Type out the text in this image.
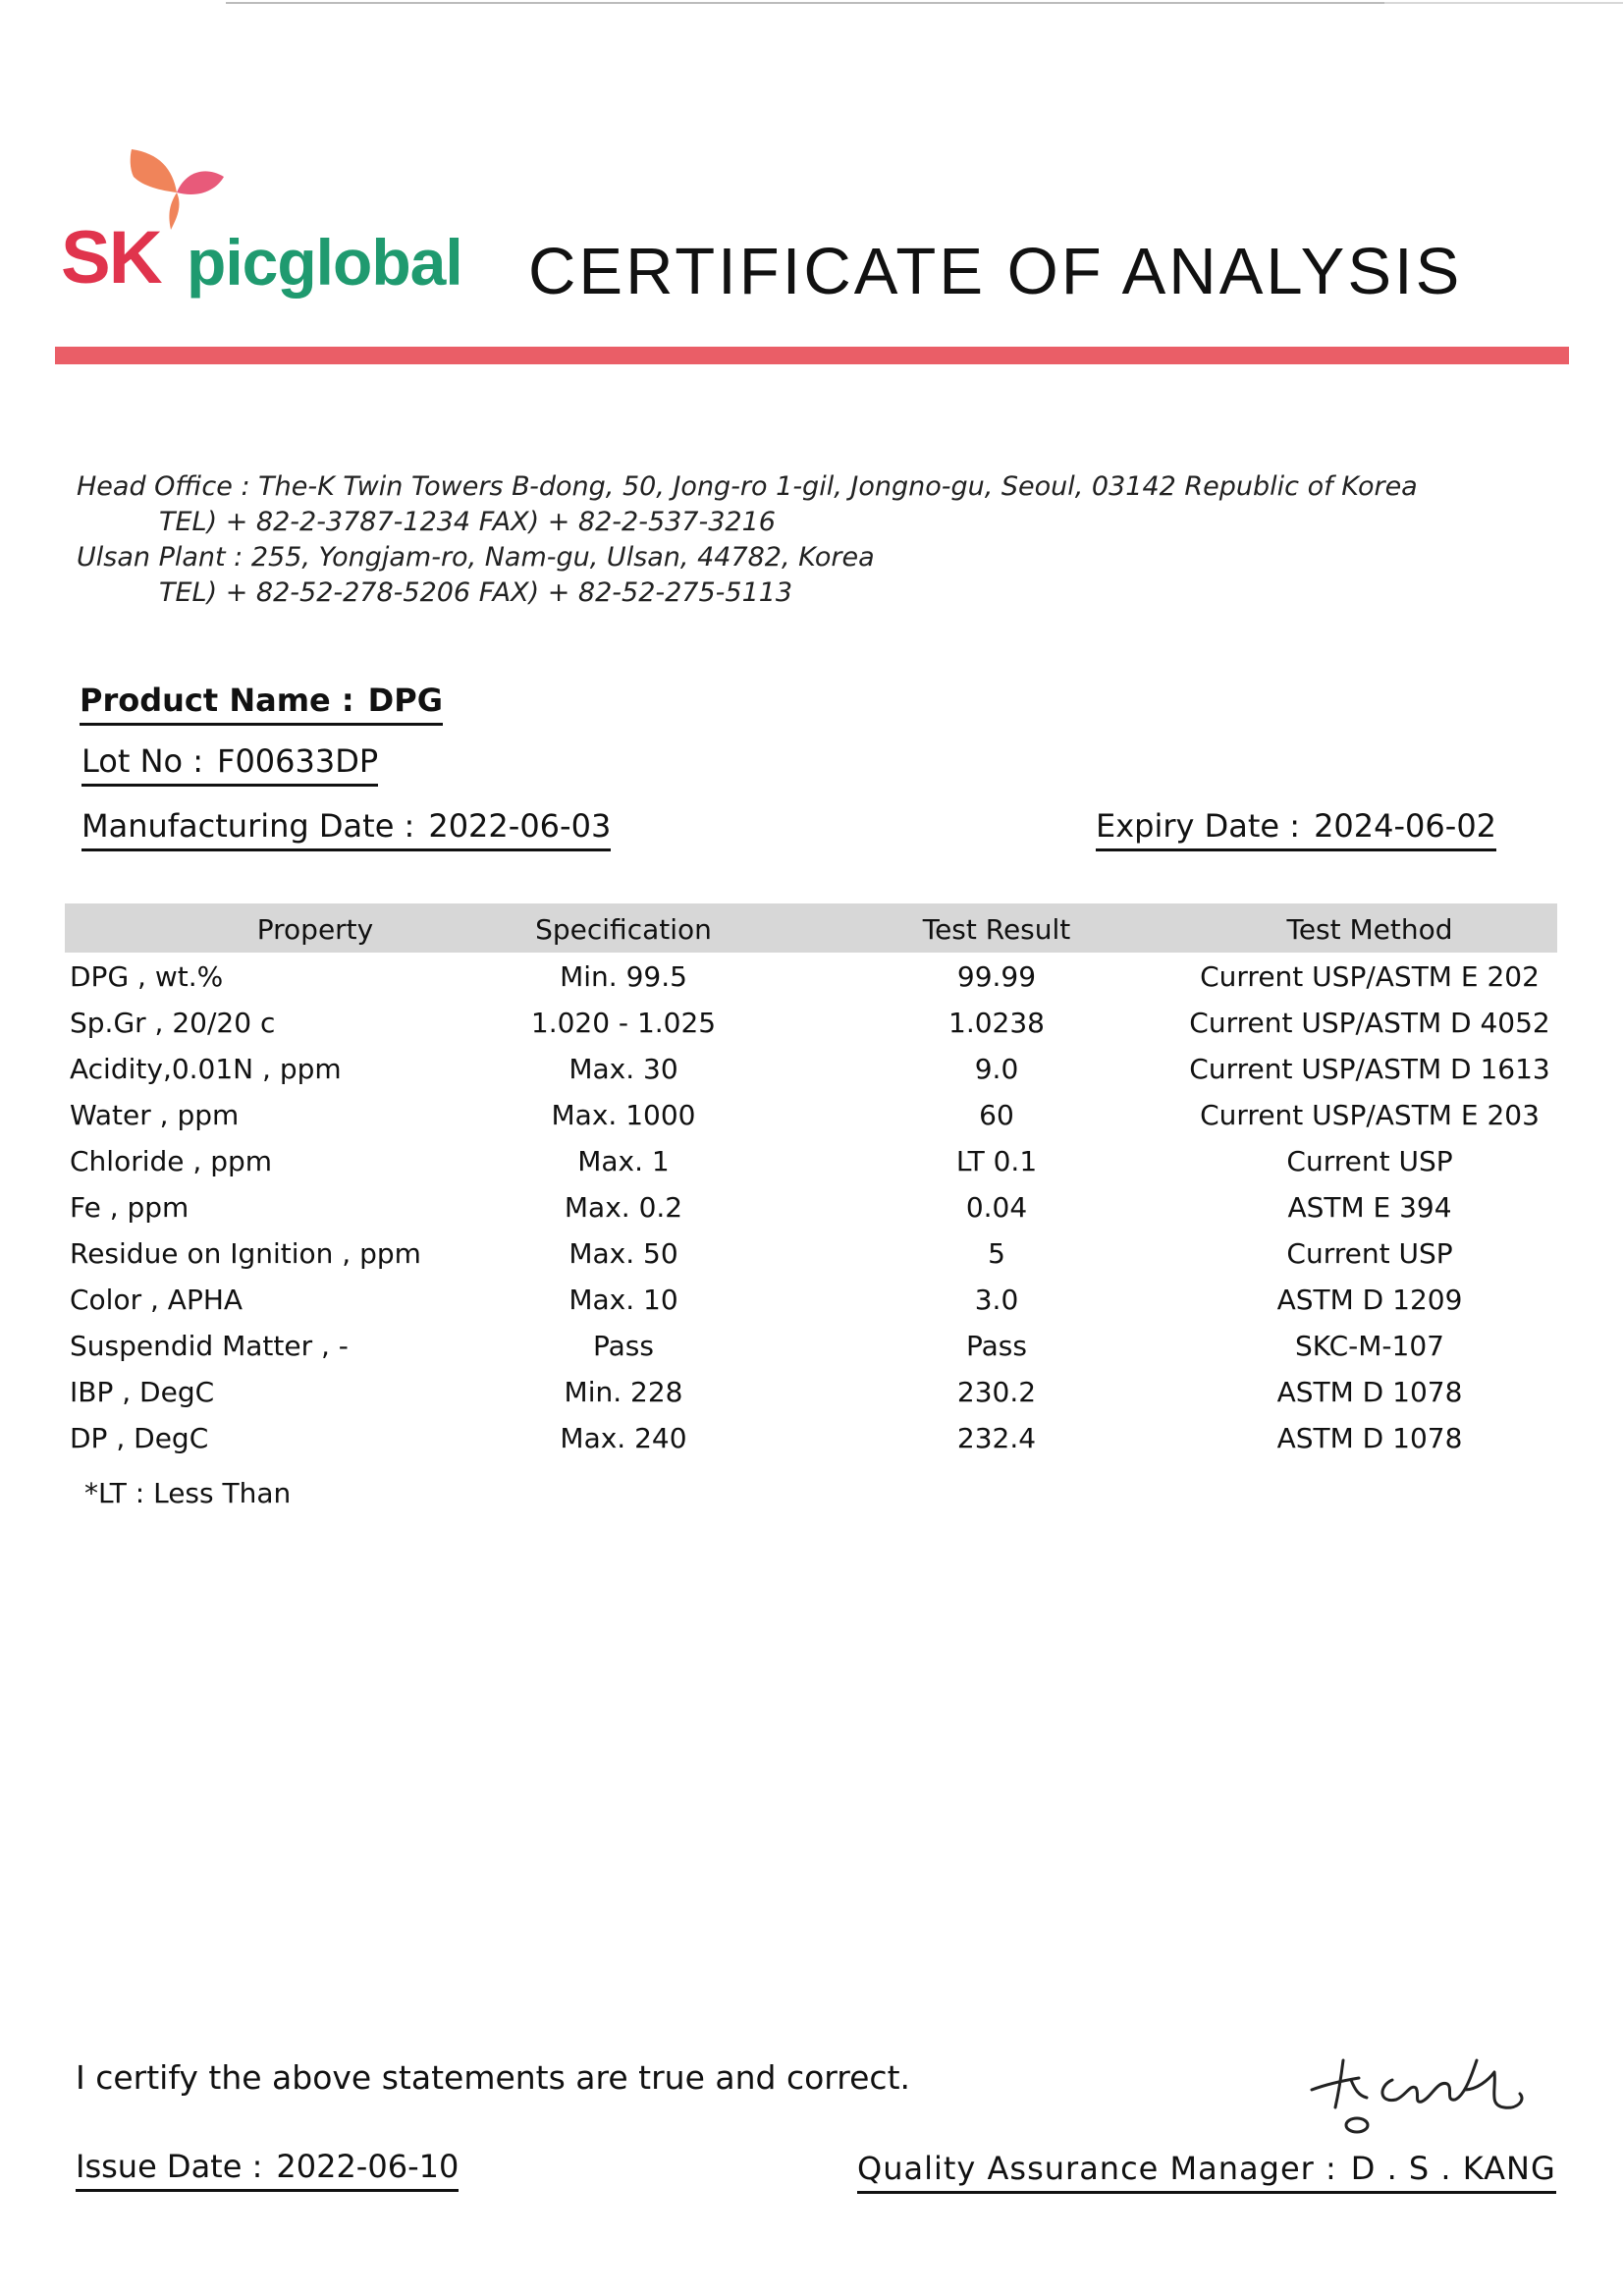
SK picglobal CERTIFICATE OF ANALYSIS
Head Office : The-K Twin Towers B-dong, 50, Jong-ro 1-gil, Jongno-gu, Seoul, 03142 Republic of Korea
TEL) + 82-2-3787-1234 FAX) + 82-2-537-3216
Ulsan Plant : 255, Yongjam-ro, Nam-gu, Ulsan, 44782, Korea
TEL) + 82-52-278-5206 FAX) + 82-52-275-5113
Product Name : DPG
Lot No : F00633DP
Manufacturing Date : 2022-06-03	Expiry Date : 2024-06-02
Property	Specification	Test Result	Test Method
DPG , wt.%	Min. 99.5	99.99	Current USP/ASTM E 202
Sp.Gr , 20/20 c	1.020 - 1.025	1.0238	Current USP/ASTM D 4052
Acidity,0.01N , ppm	Max. 30	9.0	Current USP/ASTM D 1613
Water , ppm	Max. 1000	60	Current USP/ASTM E 203
Chloride , ppm	Max. 1	LT 0.1	Current USP
Fe , ppm	Max. 0.2	0.04	ASTM E 394
Residue on Ignition , ppm	Max. 50	5	Current USP
Color , APHA	Max. 10	3.0	ASTM D 1209
Suspendid Matter , -	Pass	Pass	SKC-M-107
IBP , DegC	Min. 228	230.2	ASTM D 1078
DP , DegC	Max. 240	232.4	ASTM D 1078
*LT : Less Than
I certify the above statements are true and correct.
Issue Date : 2022-06-10	Quality Assurance Manager : D . S . KANG
